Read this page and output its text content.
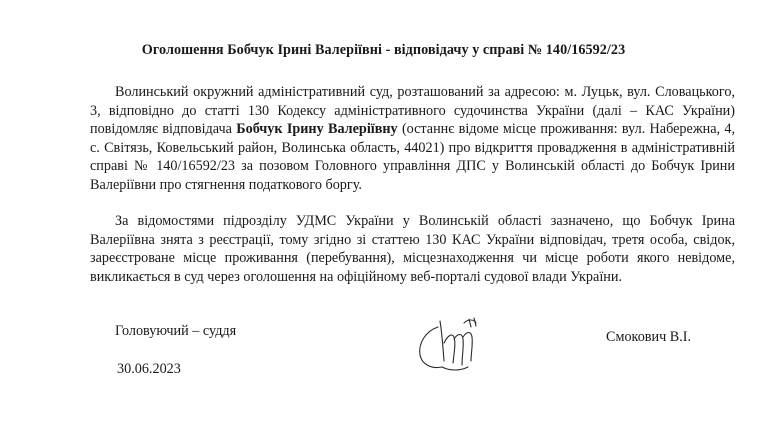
Оголошення Бобчук Ірині Валеріївні - відповідачу у справі № 140/16592/23

Волинський окружний адміністративний суд, розташований за адресою: м. Луцьк, вул. Словацького, 3, відповідно до статті 130 Кодексу адміністративного судочинства України (далі – КАС України) повідомляє відповідача Бобчук Ірину Валеріївну (останнє відоме місце проживання: вул. Набережна, 4, с. Світязь, Ковельський район, Волинська область, 44021) про відкриття провадження в адміністративній справі № 140/16592/23 за позовом Головного управління ДПС у Волинській області до Бобчук Ірини Валеріївни про стягнення податкового боргу.

За відомостями підрозділу УДМС України у Волинській області зазначено, що Бобчук Ірина Валеріївна знята з реєстрації, тому згідно зі статтею 130 КАС України відповідач, третя особа, свідок, зареєстроване місце проживання (перебування), місцезнаходження чи місце роботи якого невідоме, викликається в суд через оголошення на офіційному веб-порталі судової влади України.

Головуючий – суддя	Смокович В.І.
30.06.2023
